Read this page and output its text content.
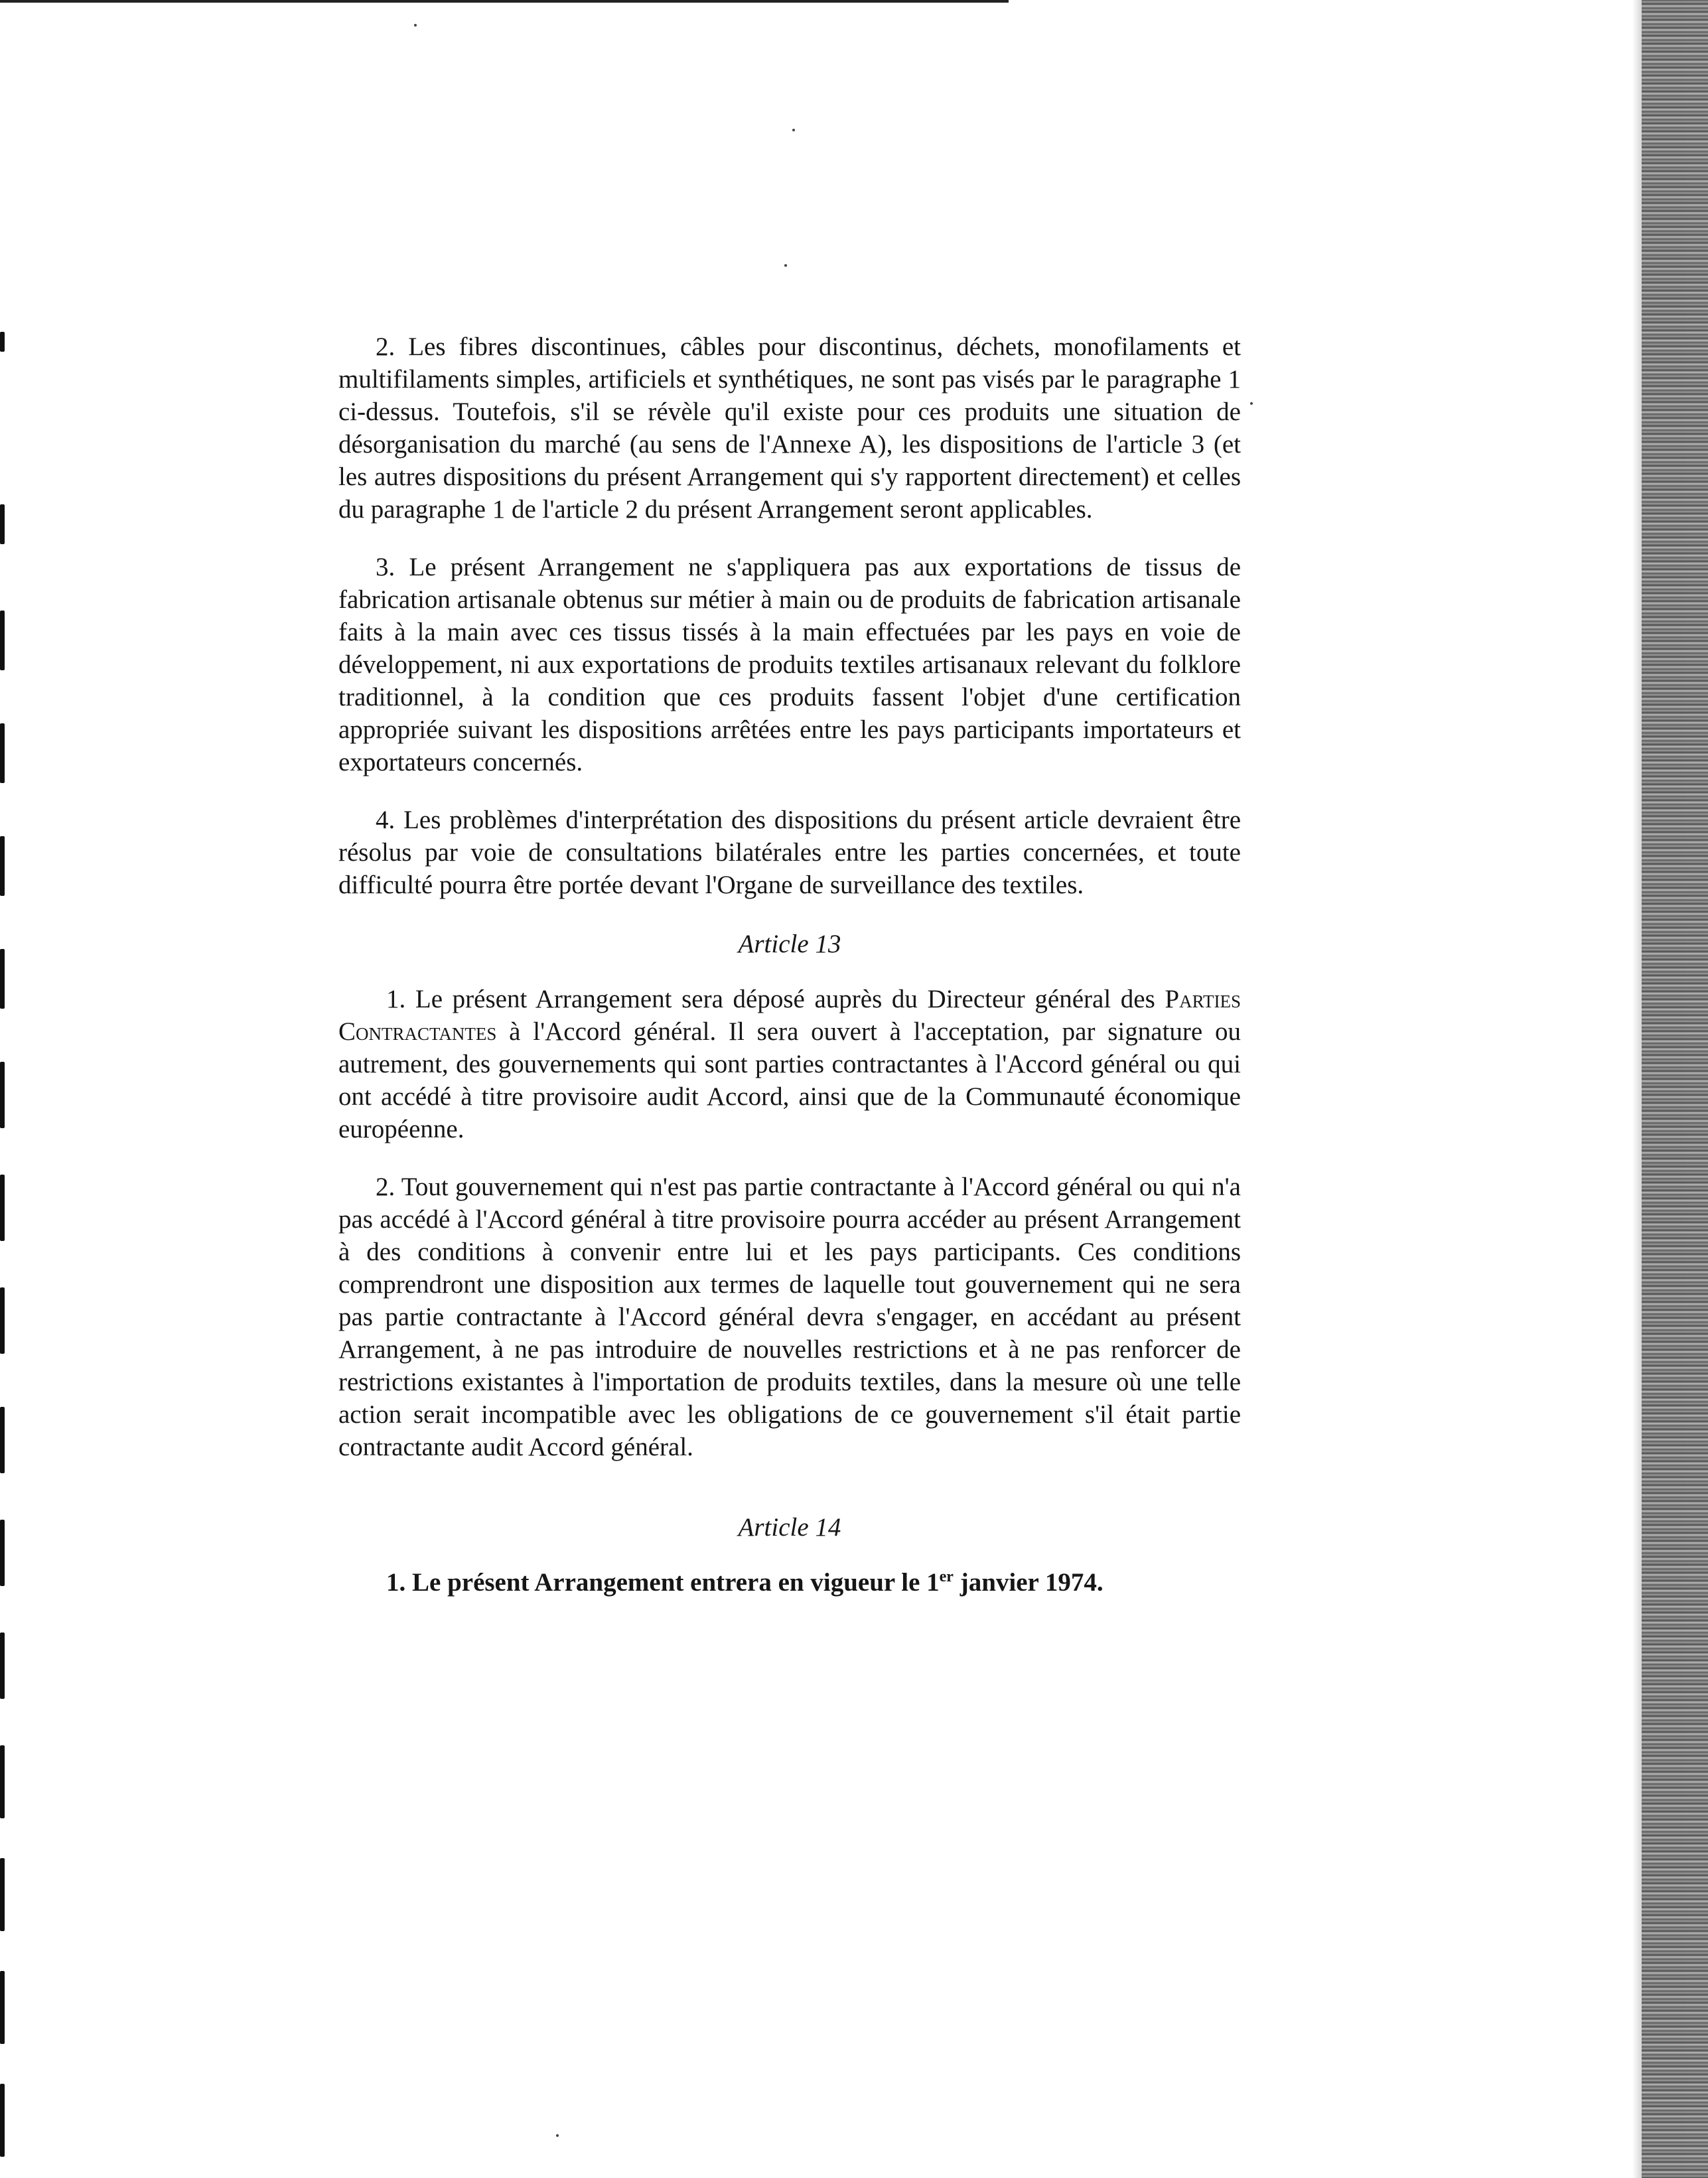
2. Les fibres discontinues, câbles pour discontinus, déchets, monofilaments et multifilaments simples, artificiels et synthétiques, ne sont pas visés par le paragraphe 1 ci-dessus. Toutefois, s'il se révèle qu'il existe pour ces produits une situation de désorganisation du marché (au sens de l'Annexe A), les dispositions de l'article 3 (et les autres dispositions du présent Arrangement qui s'y rapportent directement) et celles du paragraphe 1 de l'article 2 du présent Arrangement seront applicables.

3. Le présent Arrangement ne s'appliquera pas aux exportations de tissus de fabrication artisanale obtenus sur métier à main ou de produits de fabrication artisanale faits à la main avec ces tissus tissés à la main effectuées par les pays en voie de développement, ni aux exportations de produits textiles artisanaux relevant du folklore traditionnel, à la condition que ces produits fassent l'objet d'une certification appropriée suivant les dispositions arrêtées entre les pays participants importateurs et exportateurs concernés.

4. Les problèmes d'interprétation des dispositions du présent article devraient être résolus par voie de consultations bilatérales entre les parties concernées, et toute difficulté pourra être portée devant l'Organe de surveillance des textiles.

Article 13

1. Le présent Arrangement sera déposé auprès du Directeur général des Parties Contractantes à l'Accord général. Il sera ouvert à l'acceptation, par signature ou autrement, des gouvernements qui sont parties contractantes à l'Accord général ou qui ont accédé à titre provisoire audit Accord, ainsi que de la Communauté économique européenne.

2. Tout gouvernement qui n'est pas partie contractante à l'Accord général ou qui n'a pas accédé à l'Accord général à titre provisoire pourra accéder au présent Arrangement à des conditions à convenir entre lui et les pays participants. Ces conditions comprendront une disposition aux termes de laquelle tout gouvernement qui ne sera pas partie contractante à l'Accord général devra s'engager, en accédant au présent Arrangement, à ne pas introduire de nouvelles restrictions et à ne pas renforcer de restrictions existantes à l'importation de produits textiles, dans la mesure où une telle action serait incompatible avec les obligations de ce gouvernement s'il était partie contractante audit Accord général.

Article 14

1. Le présent Arrangement entrera en vigueur le 1er janvier 1974.
